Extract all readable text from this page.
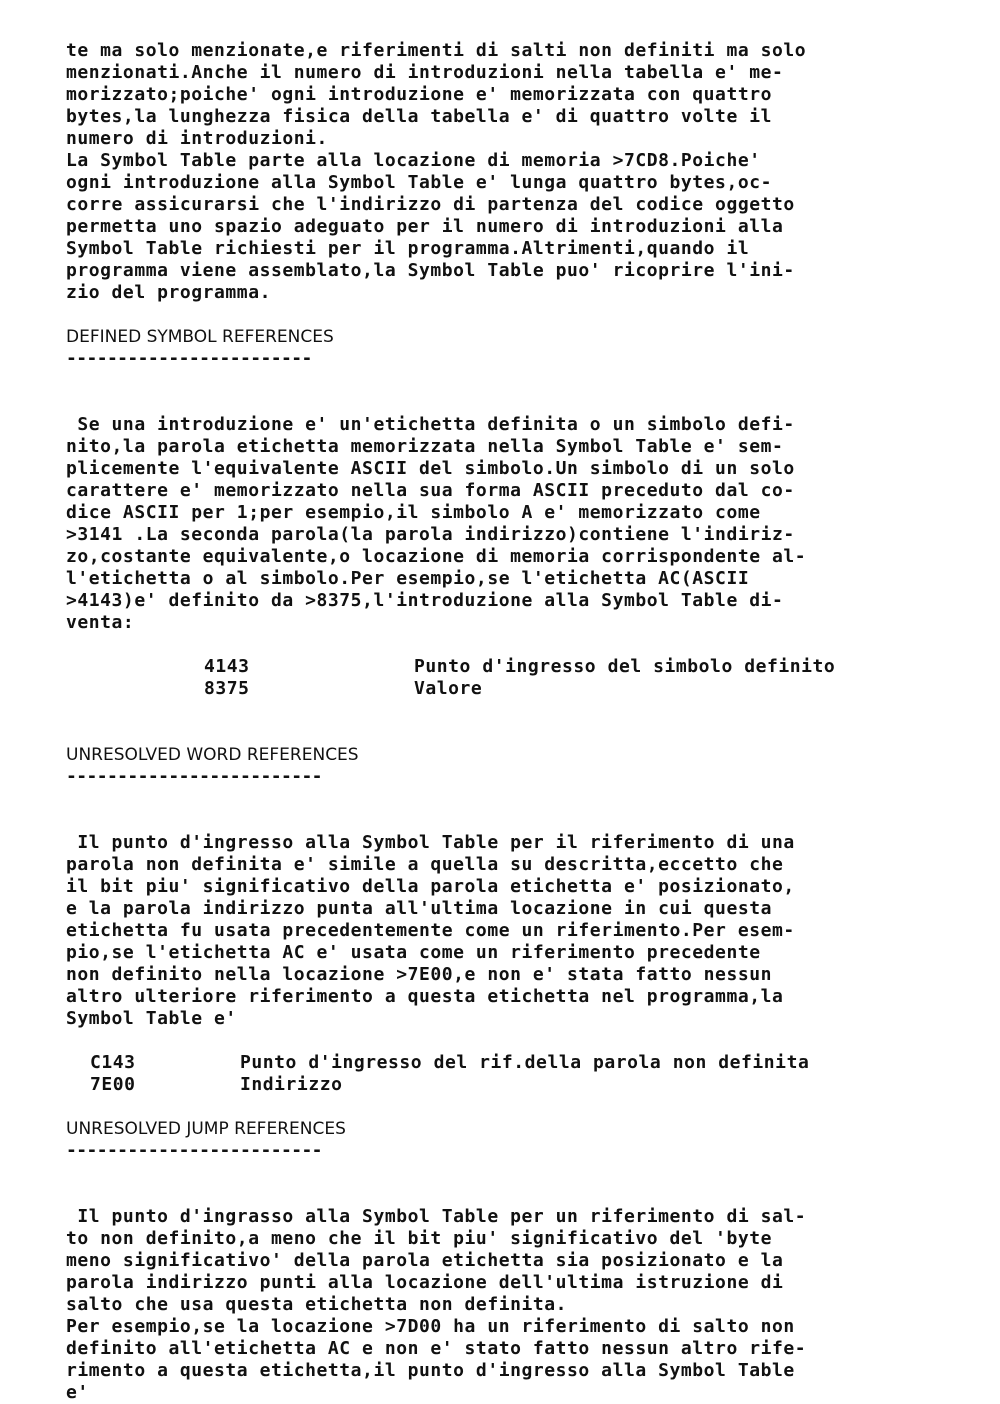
te ma solo menzionate,e riferimenti di salti non definiti ma solo
menzionati.Anche il numero di introduzioni nella tabella e' me-
morizzato;poiche' ogni introduzione e' memorizzata con quattro
bytes,la lunghezza fisica della tabella e' di quattro volte il
numero di introduzioni.
La Symbol Table parte alla locazione di memoria >7CD8.Poiche'
ogni introduzione alla Symbol Table e' lunga quattro bytes,oc-
corre assicurarsi che l'indirizzo di partenza del codice oggetto
permetta uno spazio adeguato per il numero di introduzioni alla
Symbol Table richiesti per il programma.Altrimenti,quando il
programma viene assemblato,la Symbol Table puo' ricoprire l'ini-
zio del programma.
DEFINED SYMBOL REFERENCES
------------------------
Se una introduzione e' un'etichetta definita o un simbolo defi-
nito,la parola etichetta memorizzata nella Symbol Table e' sem-
plicemente l'equivalente ASCII del simbolo.Un simbolo di un solo
carattere e' memorizzato nella sua forma ASCII preceduto dal co-
dice ASCII per 1;per esempio,il simbolo A e' memorizzato come
>3141 .La seconda parola(la parola indirizzo)contiene l'indiriz-
zo,costante equivalente,o locazione di memoria corrispondente al-
l'etichetta o al simbolo.Per esempio,se l'etichetta AC(ASCII
>4143)e' definito da >8375,l'introduzione alla Symbol Table di-
venta:
4143	Punto d'ingresso del simbolo definito
8375	Valore
UNRESOLVED WORD REFERENCES
-------------------------
Il punto d'ingresso alla Symbol Table per il riferimento di una
parola non definita e' simile a quella su descritta,eccetto che
il bit piu' significativo della parola etichetta e' posizionato,
e la parola indirizzo punta all'ultima locazione in cui questa
etichetta fu usata precedentemente come un riferimento.Per esem-
pio,se l'etichetta AC e' usata come un riferimento precedente
non definito nella locazione >7E00,e non e' stata fatto nessun
altro ulteriore riferimento a questa etichetta nel programma,la
Symbol Table e'
C143	Punto d'ingresso del rif.della parola non definita
7E00	Indirizzo
UNRESOLVED JUMP REFERENCES
-------------------------
Il punto d'ingrasso alla Symbol Table per un riferimento di sal-
to non definito,a meno che il bit piu' significativo del 'byte
meno significativo' della parola etichetta sia posizionato e la
parola indirizzo punti alla locazione dell'ultima istruzione di
salto che usa questa etichetta non definita.
Per esempio,se la locazione >7D00 ha un riferimento di salto non
definito all'etichetta AC e non e' stato fatto nessun altro rife-
rimento a questa etichetta,il punto d'ingresso alla Symbol Table
e'
